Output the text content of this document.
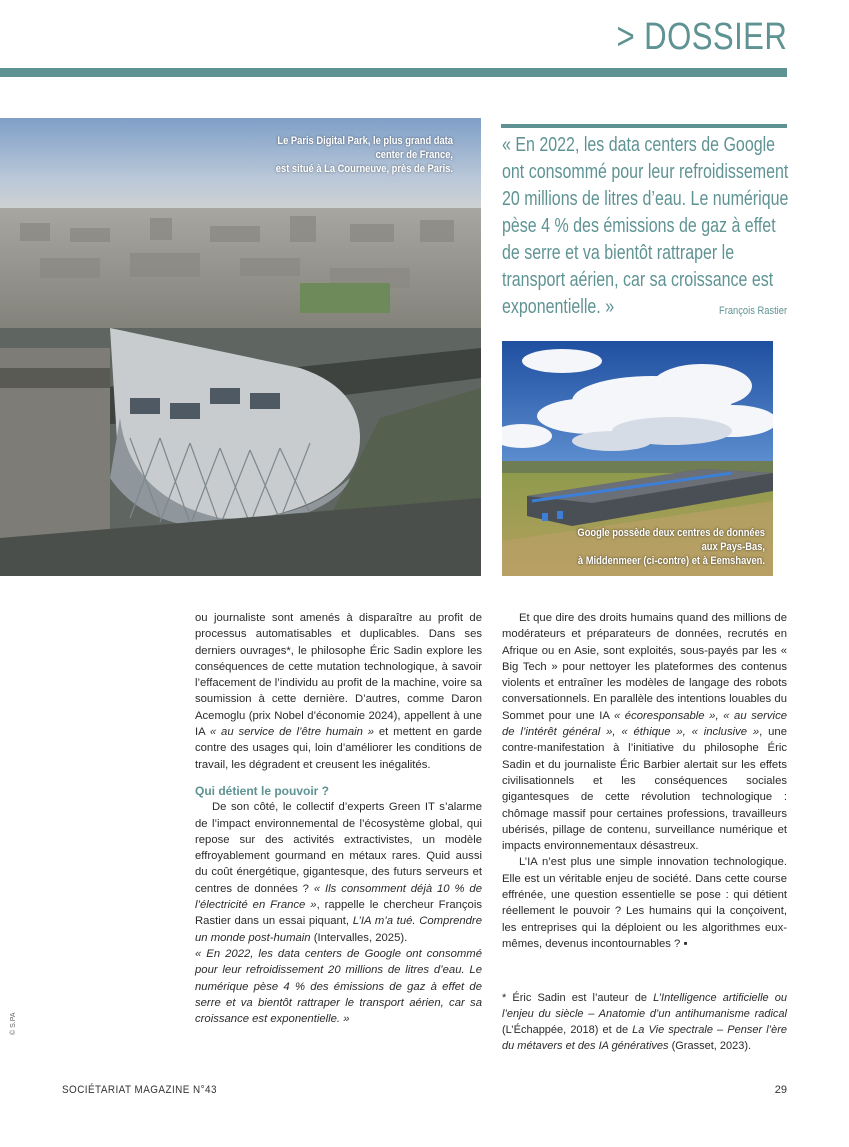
> DOSSIER
Le Paris Digital Park, le plus grand data center de France,
est situé à La Courneuve, près de Paris.
« En 2022, les data centers de Google ont consommé pour leur refroidissement 20 millions de litres d’eau. Le numérique pèse 4 % des émissions de gaz à effet de serre et va bientôt rattraper le transport aérien, car sa croissance est exponentielle. »	François Rastier
Google possède deux centres de données aux Pays-Bas,
à Middenmeer (ci-contre) et à Eemshaven.

ou journaliste sont amenés à disparaître au profit de processus automatisables et duplicables. Dans ses derniers ouvrages*, le philosophe Éric Sadin explore les conséquences de cette mutation technologique, à savoir l’effacement de l’individu au profit de la machine, voire sa soumission à cette dernière. D’autres, comme Daron Acemoglu (prix Nobel d’économie 2024), appellent à une IA « au service de l’être humain » et mettent en garde contre des usages qui, loin d’améliorer les conditions de travail, les dégradent et creusent les inégalités.

Qui détient le pouvoir ?

De son côté, le collectif d’experts Green IT s’alarme de l’impact environnemental de l’écosystème global, qui repose sur des activités extractivistes, un modèle effroyablement gourmand en métaux rares. Quid aussi du coût énergétique, gigantesque, des futurs serveurs et centres de données ? « Ils consomment déjà 10 % de l’électricité en France », rappelle le chercheur François Rastier dans un essai piquant, L’IA m’a tué. Comprendre un monde post-humain (Intervalles, 2025).

« En 2022, les data centers de Google ont consommé pour leur refroidissement 20 millions de litres d’eau. Le numérique pèse 4 % des émissions de gaz à effet de serre et va bientôt rattraper le transport aérien, car sa croissance est exponentielle. »

Et que dire des droits humains quand des millions de modérateurs et préparateurs de données, recrutés en Afrique ou en Asie, sont exploités, sous-payés par les « Big Tech » pour nettoyer les plateformes des contenus violents et entraîner les modèles de langage des robots conversationnels. En parallèle des intentions louables du Sommet pour une IA « écoresponsable », « au service de l’intérêt général », « éthique », « inclusive », une contre-manifestation à l’initiative du philosophe Éric Sadin et du journaliste Éric Barbier alertait sur les effets civilisationnels et les conséquences sociales gigantesques de cette révolution technologique : chômage massif pour certaines professions, travailleurs ubérisés, pillage de contenu, surveillance numérique et impacts environnementaux désastreux.

L’IA n’est plus une simple innovation technologique. Elle est un véritable enjeu de société. Dans cette course effrénée, une question essentielle se pose : qui détient réellement le pouvoir ? Les humains qui la conçoivent, les entreprises qui la déploient ou les algorithmes eux-mêmes, devenus incontournables ? ▪

* Éric Sadin est l’auteur de L’Intelligence artificielle ou l’enjeu du siècle – Anatomie d’un antihumanisme radical (L’Échappée, 2018) et de La Vie spectrale – Penser l’ère du métavers et des IA génératives (Grasset, 2023).
© S.PA
SOCIÉTARIAT MAGAZINE N°43	29
